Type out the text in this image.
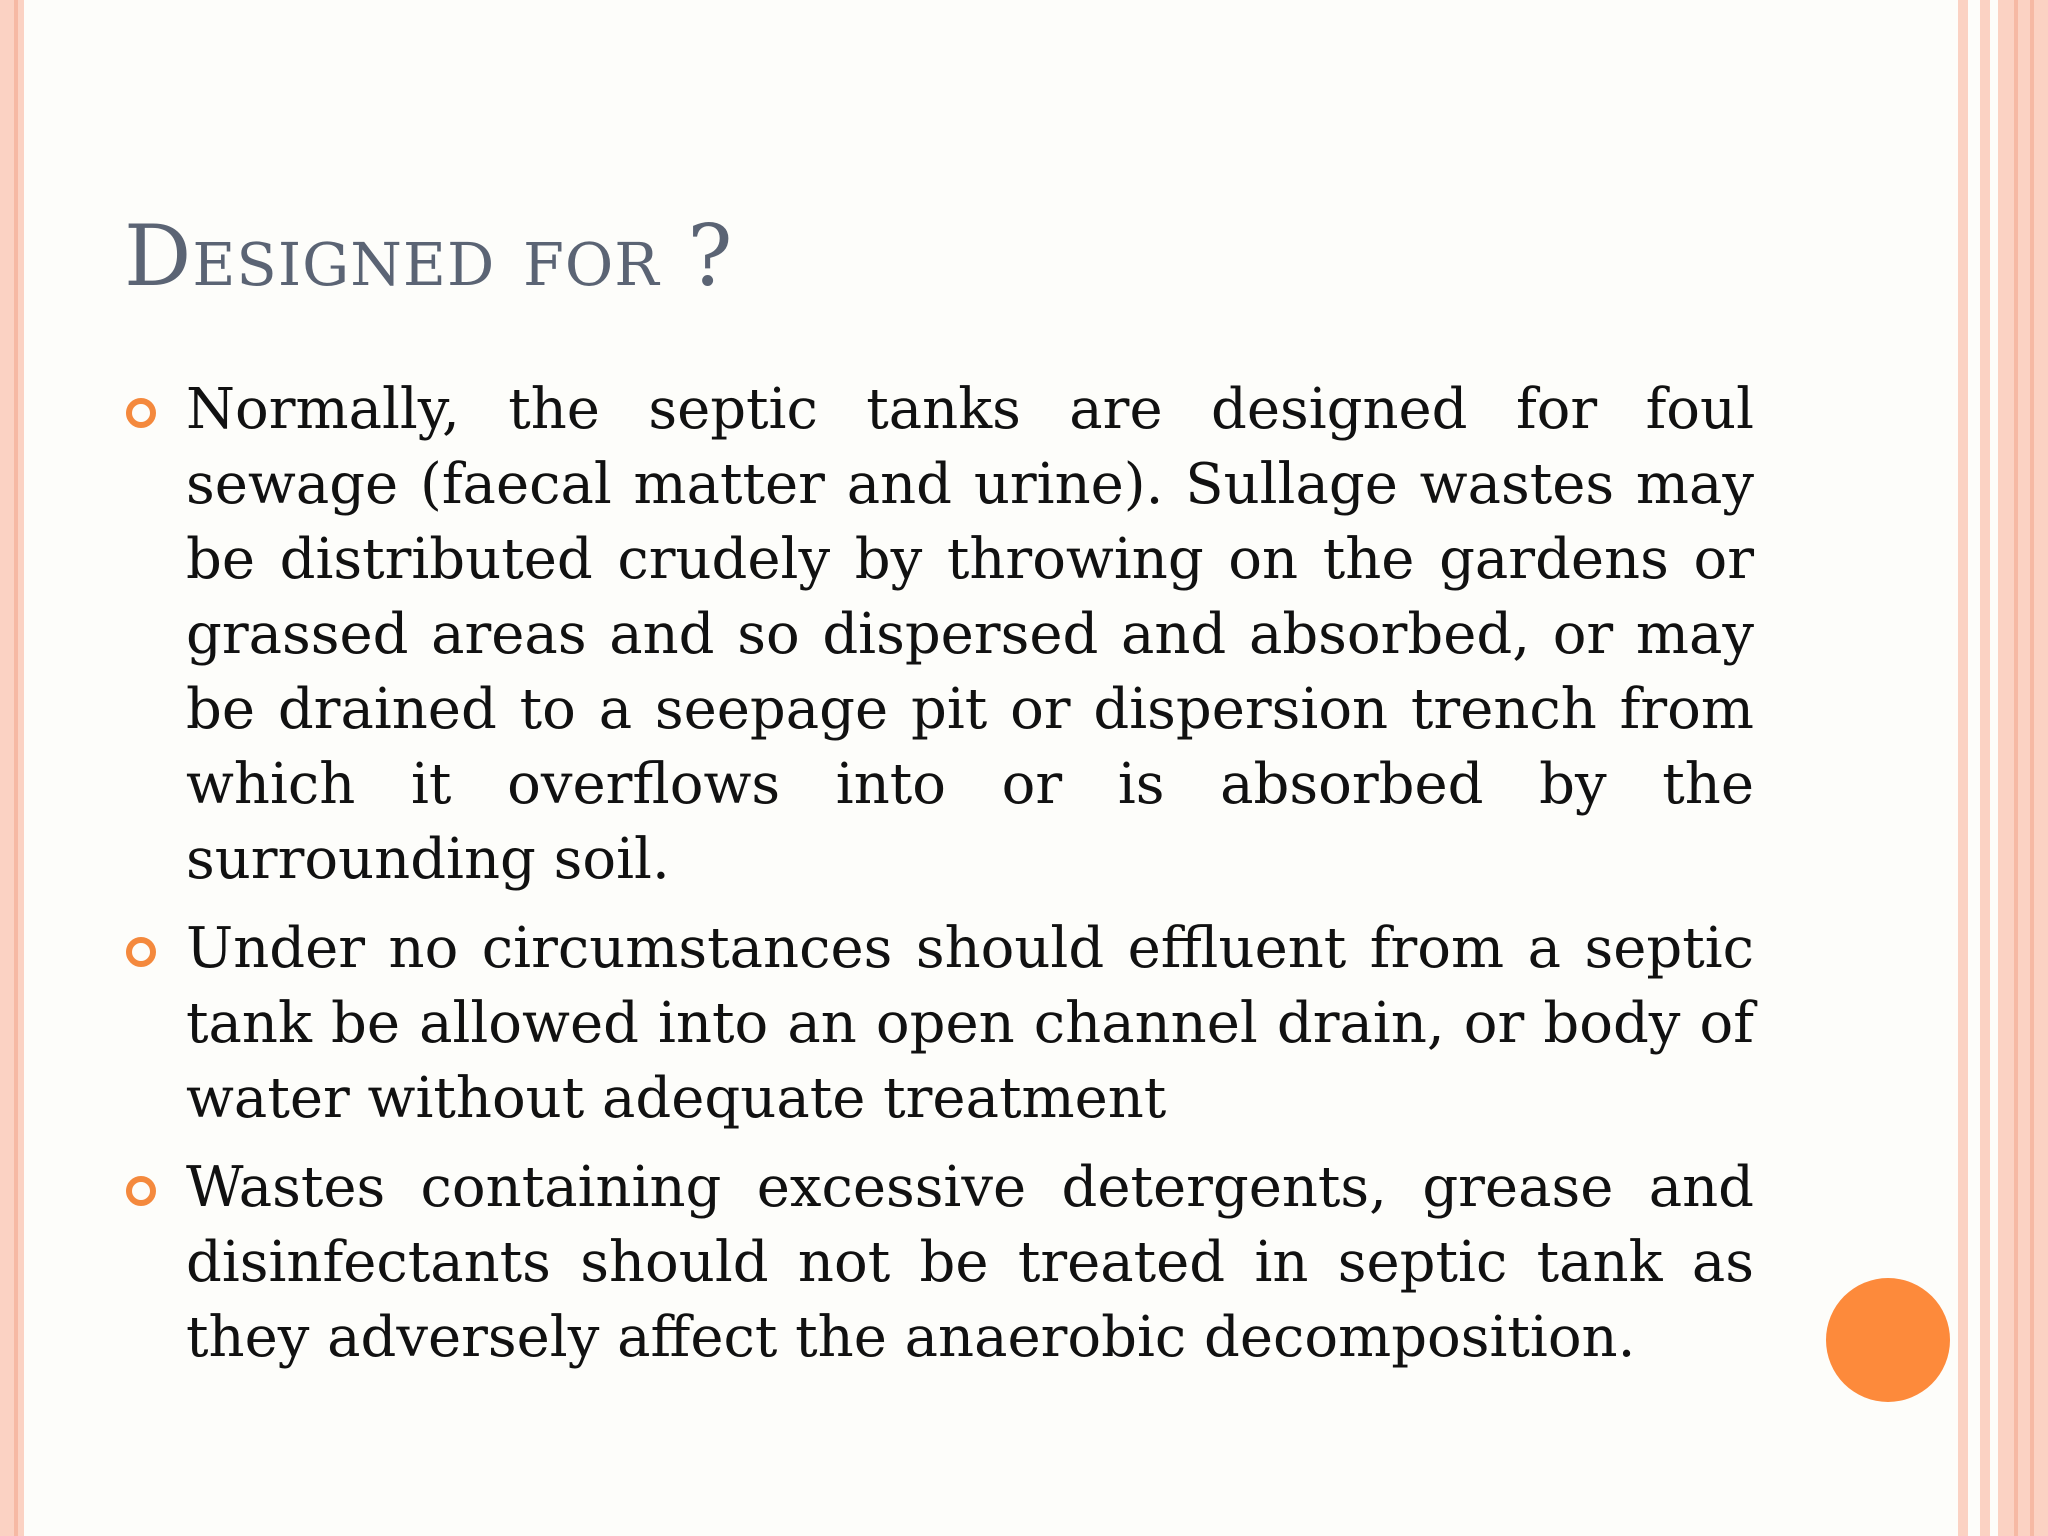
Designed for ?
Normally, the septic tanks are designed for foul sewage (faecal matter and urine). Sullage wastes may be distributed crudely by throwing on the gardens or grassed areas and so dispersed and absorbed, or may be drained to a seepage pit or dispersion trench from which it overflows into or is absorbed by the surrounding soil.
Under no circumstances should effluent from a septic tank be allowed into an open channel drain, or body of water without adequate treatment
Wastes containing excessive detergents, grease and disinfectants should not be treated in septic tank as they adversely affect the anaerobic decomposition.
